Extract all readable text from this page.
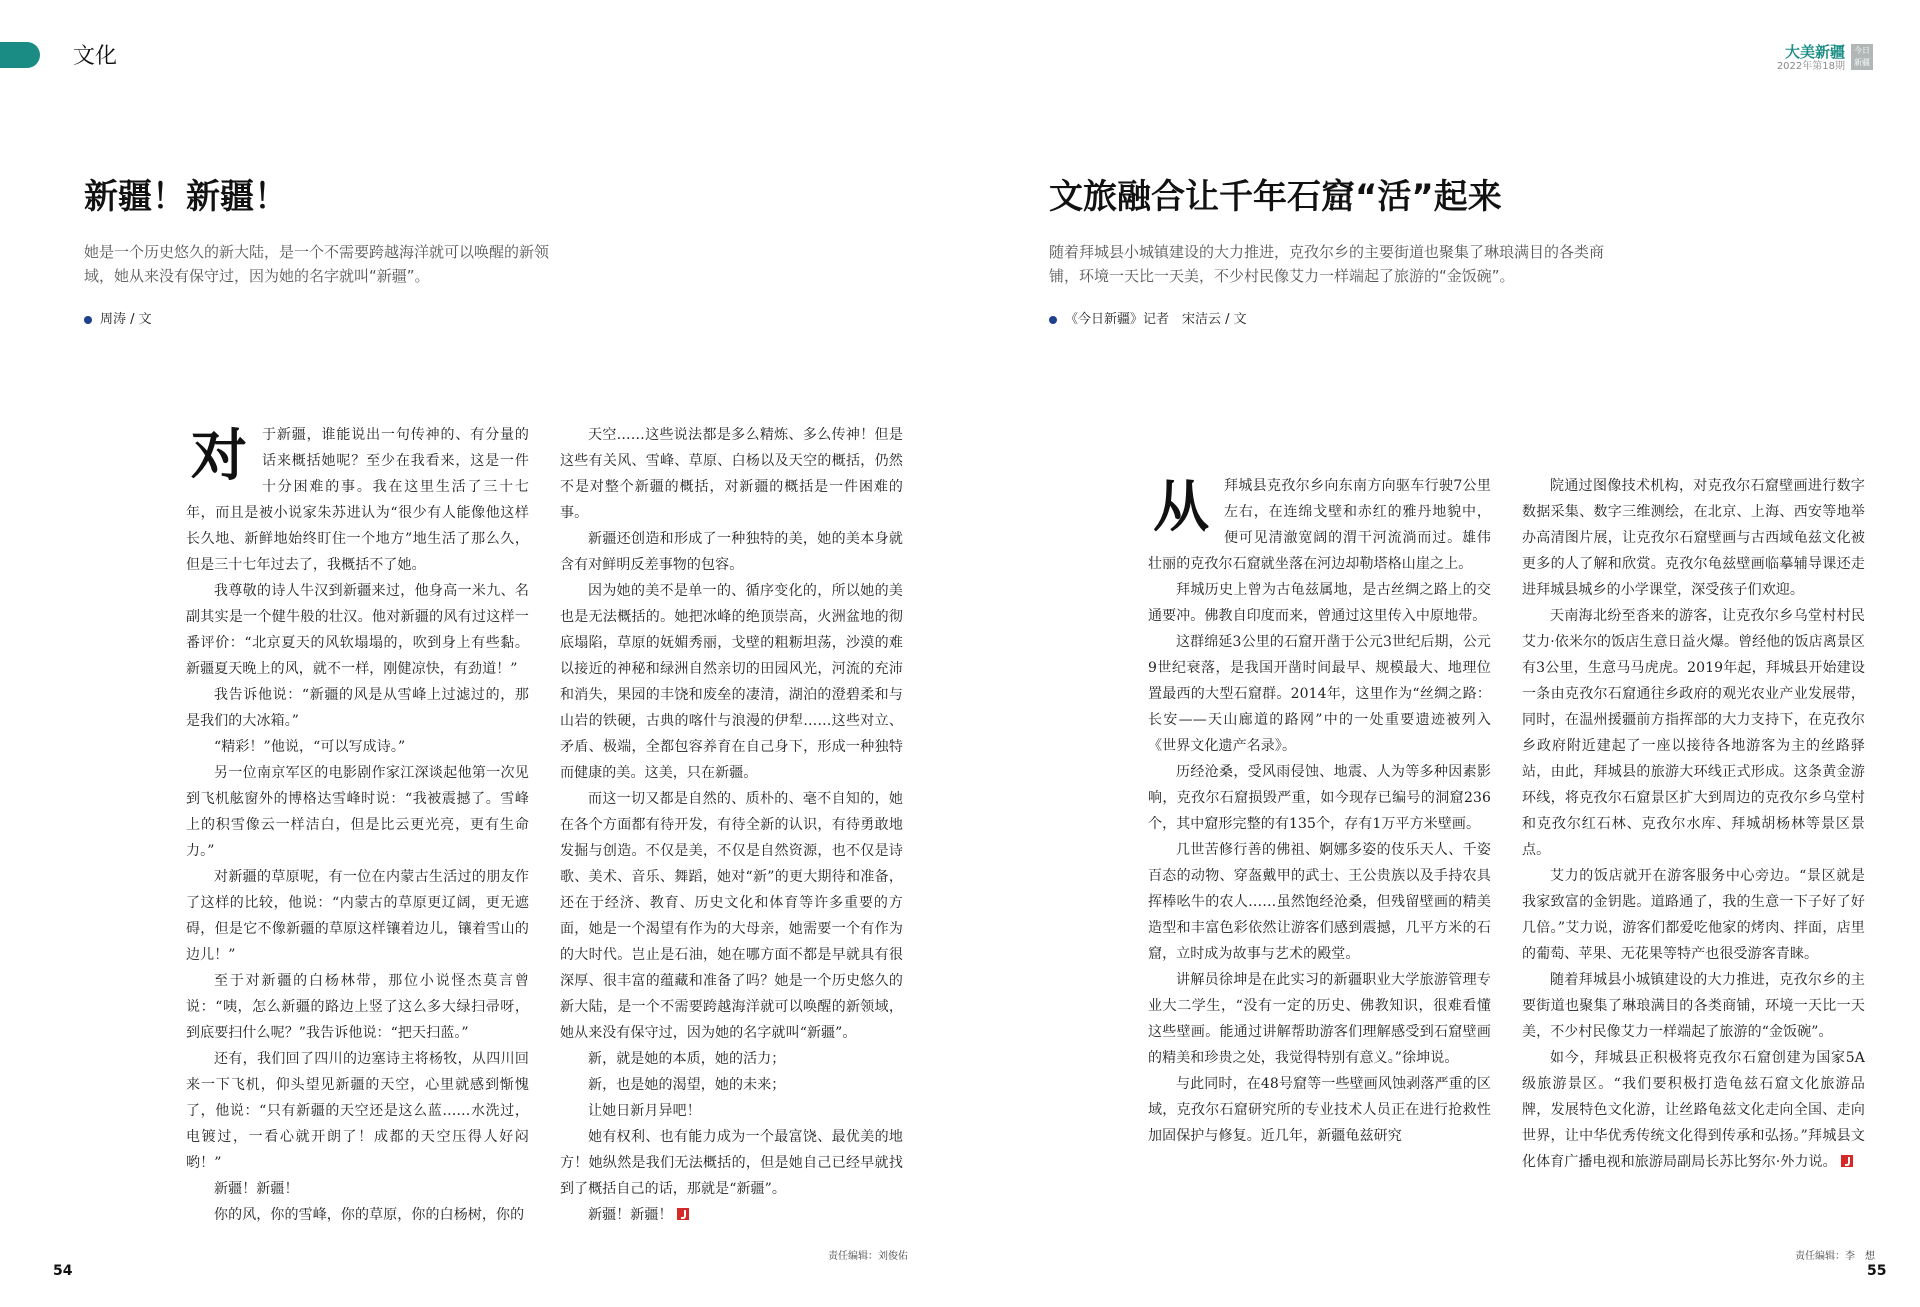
文化	大美新疆
2022年第18期
今日新疆
新疆！新疆！
她是一个历史悠久的新大陆，是一个不需要跨越海洋就可以唤醒的新领域，她从来没有保守过，因为她的名字就叫“新疆”。
周涛 / 文
对	于新疆，谁能说出一句传神的、有分量的话来概括她呢？至少在我看来，这是一件十分困难的事。我在这里生活了三十七年，而且是被小说家朱苏进认为“很少有人能像他这样长久地、新鲜地始终盯住一个地方”地生活了那么久，但是三十七年过去了，我概括不了她。

我尊敬的诗人牛汉到新疆来过，他身高一米九、名副其实是一个健牛般的壮汉。他对新疆的风有过这样一番评价：“北京夏天的风软塌塌的，吹到身上有些黏。新疆夏天晚上的风，就不一样，刚健凉快，有劲道！”

我告诉他说：“新疆的风是从雪峰上过滤过的，那是我们的大冰箱。”

“精彩！”他说，“可以写成诗。”

另一位南京军区的电影剧作家江深谈起他第一次见到飞机舷窗外的博格达雪峰时说：“我被震撼了。雪峰上的积雪像云一样洁白，但是比云更光亮，更有生命力。”

对新疆的草原呢，有一位在内蒙古生活过的朋友作了这样的比较，他说：“内蒙古的草原更辽阔，更无遮碍，但是它不像新疆的草原这样镶着边儿，镶着雪山的边儿！”

至于对新疆的白杨林带，那位小说怪杰莫言曾说：“咦，怎么新疆的路边上竖了这么多大绿扫帚呀，到底要扫什么呢？”我告诉他说：“把天扫蓝。”

还有，我们回了四川的边塞诗主将杨牧，从四川回来一下飞机，仰头望见新疆的天空，心里就感到惭愧了，他说：“只有新疆的天空还是这么蓝……水洗过，电镀过，一看心就开朗了！成都的天空压得人好闷哟！”

新疆！新疆！

你的风，你的雪峰，你的草原，你的白杨树，你的

天空……这些说法都是多么精炼、多么传神！但是这些有关风、雪峰、草原、白杨以及天空的概括，仍然不是对整个新疆的概括，对新疆的概括是一件困难的事。

新疆还创造和形成了一种独特的美，她的美本身就含有对鲜明反差事物的包容。

因为她的美不是单一的、循序变化的，所以她的美也是无法概括的。她把冰峰的绝顶崇高，火洲盆地的彻底塌陷，草原的妩媚秀丽，戈壁的粗粝坦荡，沙漠的难以接近的神秘和绿洲自然亲切的田园风光，河流的充沛和消失，果园的丰饶和废垒的凄清，湖泊的澄碧柔和与山岩的铁硬，古典的喀什与浪漫的伊犁……这些对立、矛盾、极端，全都包容养育在自己身下，形成一种独特而健康的美。这美，只在新疆。

而这一切又都是自然的、质朴的、毫不自知的，她在各个方面都有待开发，有待全新的认识，有待勇敢地发掘与创造。不仅是美，不仅是自然资源，也不仅是诗歌、美术、音乐、舞蹈，她对“新”的更大期待和准备，还在于经济、教育、历史文化和体育等许多重要的方面，她是一个渴望有作为的大母亲，她需要一个有作为的大时代。岂止是石油，她在哪方面不都是早就具有很深厚、很丰富的蕴藏和准备了吗？她是一个历史悠久的新大陆，是一个不需要跨越海洋就可以唤醒的新领域，她从来没有保守过，因为她的名字就叫“新疆”。

新，就是她的本质，她的活力；

新，也是她的渴望，她的未来；

让她日新月异吧！

她有权利、也有能力成为一个最富饶、最优美的地方！她纵然是我们无法概括的，但是她自己已经早就找到了概括自己的话，那就是“新疆”。

新疆！新疆！

责任编辑：刘俊佑
54
文旅融合让千年石窟“活”起来
随着拜城县小城镇建设的大力推进，克孜尔乡的主要街道也聚集了琳琅满目的各类商铺，环境一天比一天美，不少村民像艾力一样端起了旅游的“金饭碗”。
《今日新疆》记者　宋洁云 / 文
从	拜城县克孜尔乡向东南方向驱车行驶7公里左右，在连绵戈壁和赤红的雅丹地貌中，便可见清澈宽阔的渭干河流淌而过。雄伟壮丽的克孜尔石窟就坐落在河边却勒塔格山崖之上。

拜城历史上曾为古龟兹属地，是古丝绸之路上的交通要冲。佛教自印度而来，曾通过这里传入中原地带。

这群绵延3公里的石窟开凿于公元3世纪后期，公元9世纪衰落，是我国开凿时间最早、规模最大、地理位置最西的大型石窟群。2014年，这里作为“丝绸之路：长安——天山廊道的路网”中的一处重要遗迹被列入《世界文化遗产名录》。

历经沧桑，受风雨侵蚀、地震、人为等多种因素影响，克孜尔石窟损毁严重，如今现存已编号的洞窟236个，其中窟形完整的有135个，存有1万平方米壁画。

几世苦修行善的佛祖、婀娜多姿的伎乐天人、千姿百态的动物、穿盔戴甲的武士、王公贵族以及手持农具挥棒吆牛的农人……虽然饱经沧桑，但残留壁画的精美造型和丰富色彩依然让游客们感到震撼，几平方米的石窟，立时成为故事与艺术的殿堂。

讲解员徐坤是在此实习的新疆职业大学旅游管理专业大二学生，“没有一定的历史、佛教知识，很难看懂这些壁画。能通过讲解帮助游客们理解感受到石窟壁画的精美和珍贵之处，我觉得特别有意义。”徐坤说。

与此同时，在48号窟等一些壁画风蚀剥落严重的区域，克孜尔石窟研究所的专业技术人员正在进行抢救性加固保护与修复。近几年，新疆龟兹研究

院通过图像技术机构，对克孜尔石窟壁画进行数字数据采集、数字三维测绘，在北京、上海、西安等地举办高清图片展，让克孜尔石窟壁画与古西域龟兹文化被更多的人了解和欣赏。克孜尔龟兹壁画临摹辅导课还走进拜城县城乡的小学课堂，深受孩子们欢迎。

天南海北纷至沓来的游客，让克孜尔乡乌堂村村民艾力·依米尔的饭店生意日益火爆。曾经他的饭店离景区有3公里，生意马马虎虎。2019年起，拜城县开始建设一条由克孜尔石窟通往乡政府的观光农业产业发展带，同时，在温州援疆前方指挥部的大力支持下，在克孜尔乡政府附近建起了一座以接待各地游客为主的丝路驿站，由此，拜城县的旅游大环线正式形成。这条黄金游环线，将克孜尔石窟景区扩大到周边的克孜尔乡乌堂村和克孜尔红石林、克孜尔水库、拜城胡杨林等景区景点。

艾力的饭店就开在游客服务中心旁边。“景区就是我家致富的金钥匙。道路通了，我的生意一下子好了好几倍。”艾力说，游客们都爱吃他家的烤肉、拌面，店里的葡萄、苹果、无花果等特产也很受游客青睐。

随着拜城县小城镇建设的大力推进，克孜尔乡的主要街道也聚集了琳琅满目的各类商铺，环境一天比一天美，不少村民像艾力一样端起了旅游的“金饭碗”。

如今，拜城县正积极将克孜尔石窟创建为国家5A级旅游景区。“我们要积极打造龟兹石窟文化旅游品牌，发展特色文化游，让丝路龟兹文化走向全国、走向世界，让中华优秀传统文化得到传承和弘扬。”拜城县文化体育广播电视和旅游局副局长苏比努尔·外力说。

责任编辑：李　想
55
